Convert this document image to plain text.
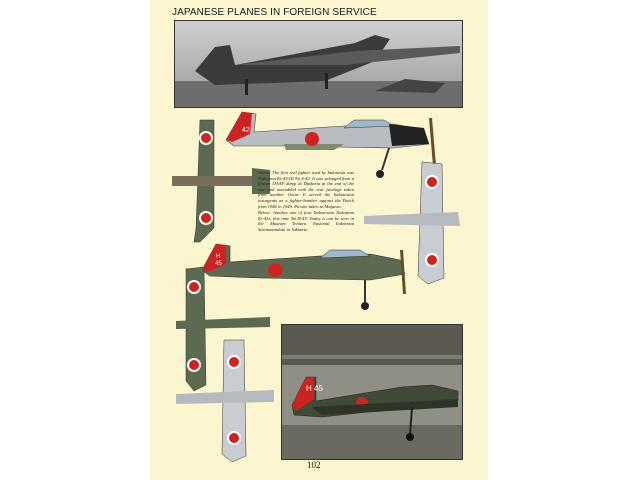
JAPANESE PLANES IN FOREIGN SERVICE
42

Above: The first real fighter used by Indonesia was Nakajima Ki-43-III No.S-42. It was salvaged from a former IJAAF dump at Djakarta at the end of the war and assembled with the rear fuselage taken from another Oscar. It served the Indonesian insurgents as a fighter-bomber against the Dutch from 1946 to 1949. Picture taken at Maguwo.

Below: Another one of four Indonesian Nakajima Ki-43s, this time No.H-45. Today it can be seen in the Museum Tentara Nasional Indonesia Satriamandala in Jakharta

H
45
H 45
102
